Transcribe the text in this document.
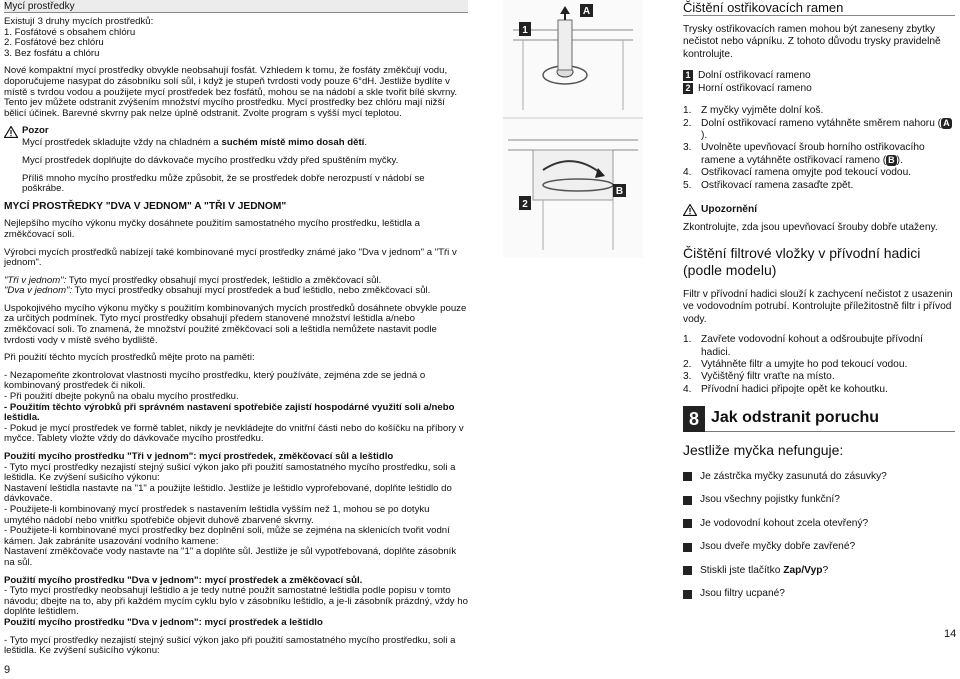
Mycí prostředky
Existují 3 druhy mycích prostředků:
1. Fosfátové s obsahem chlóru
2. Fosfátové bez chlóru
3. Bez fosfátu a chlóru

Nové kompaktní mycí prostředky obvykle neobsahují fosfát. Vzhledem k tomu, že fosfáty změkčují vodu, doporučujeme nasypat do zásobníku solí sůl, i když je stupeň tvrdosti vody pouze 6°dH. Jestliže bydlíte v místě s tvrdou vodou a použijete mycí prostředek bez fosfátů, mohou se na nádobí a skle tvořit bílé skvrny. Tento jev můžete odstranit zvýšením množství mycího prostředku. Mycí prostředky bez chlóru mají nižší bělicí účinek. Barevné skvrny pak nelze úplně odstranit. Zvolte program s vyšší mycí teplotou.

Pozor

Mycí prostředek skladujte vždy na chladném a suchém místě mimo dosah dětí.

Mycí prostředek doplňujte do dávkovače mycího prostředku vždy před spuštěním myčky.

Příliš mnoho mycího prostředku může způsobit, že se prostředek dobře nerozpustí v nádobí se poškrábe.

MYCÍ PROSTŘEDKY "DVA V JEDNOM" A "TŘI V JEDNOM"

Nejlepšího mycího výkonu myčky dosáhnete použitím samostatného mycího prostředku, leštidla a změkčovací soli.

Výrobci mycích prostředků nabízejí také kombinované mycí prostředky známé jako "Dva v jednom" a "Tři v jednom".

"Tři v jednom": Tyto mycí prostředky obsahují mycí prostředek, leštidlo a změkčovací sůl.
"Dva v jednom": Tyto mycí prostředky obsahují mycí prostředek a buď leštidlo, nebo změkčovací sůl.

Uspokojivého mycího výkonu myčky s použitím kombinovaných mycích prostředků dosáhnete obvykle pouze za určitých podmínek. Tyto mycí prostředky obsahují předem stanovené množství leštidla a/nebo změkčovací soli. To znamená, že množství použité změkčovací soli a leštidla nemůžete nastavit podle tvrdosti vody v místě svého bydliště.

Při použití těchto mycích prostředků mějte proto na paměti:

- Nezapomeňte zkontrolovat vlastnosti mycího prostředku, který používáte, zejména zde se jedná o kombinovaný prostředek či nikoli.
- Při použití dbejte pokynů na obalu mycího prostředku.
- Použitím těchto výrobků při správném nastavení spotřebiče zajistí hospodárné využití soli a/nebo leštidla.
- Pokud je mycí prostředek ve formě tablet, nikdy je nevkládejte do vnitřní části nebo do košíčku na příbory v myčce. Tablety vložte vždy do dávkovače mycího prostředku.
Použití mycího prostředku "Tři v jednom": mycí prostředek, změkčovací sůl a leštidlo
- Tyto mycí prostředky nezajistí stejný sušicí výkon jako při použití samostatného mycího prostředku, soli a leštidla. Ke zvýšení sušicího výkonu:
Nastavení leštidla nastavte na "1" a použijte leštidlo. Jestliže je leštidlo vyprořebované, doplňte leštidlo do dávkovače.
- Použijete-li kombinovaný mycí prostředek s nastavením leštidla vyšším než 1, mohou se po dotyku umytého nádobí nebo vnitřku spotřebiče objevit duhově zbarvené skvrny.
- Použijete-li kombinované mycí prostředky bez doplnění soli, může se zejména na sklenicích tvořit vodní kámen. Jak zabráníte usazování vodního kamene:
Nastavení změkčovače vody nastavte na "1" a doplňte sůl. Jestliže je sůl vypotřebovaná, doplňte zásobník na sůl.
Použití mycího prostředku "Dva v jednom": mycí prostředek a změkčovací sůl.
- Tyto mycí prostředky neobsahují leštidlo a je tedy nutné použít samostatné leštidla podle popisu v tomto návodu; dbejte na to, aby při každém mycím cyklu bylo v zásobníku leštidlo, a je-li zásobník prázdný, vždy ho doplňte leštidlem.
Použití mycího prostředku "Dva v jednom": mycí prostředek a leštidlo
- Tyto mycí prostředky nezajistí stejný sušicí výkon jako při použití samostatného mycího prostředku, soli a leštidla. Ke zvýšení sušicího výkonu:
9
1
A
2
B
Čištění ostřikovacích ramen

Trysky ostřikovacích ramen mohou být zaneseny zbytky nečistot nebo vápníku. Z tohoto důvodu trysky pravidelně kontrolujte.

1 Dolní ostřikovací rameno
2 Horní ostřikovací rameno
1. Z myčky vyjměte dolní koš.
2. Dolní ostřikovací rameno vytáhněte směrem nahoru ( A).
3. Uvolněte upevňovací šroub horního ostřikovacího ramene a vytáhněte ostřikovací rameno ( B ).
4. Ostřikovací ramena omyjte pod tekoucí vodou.
5. Ostřikovací ramena zasaďte zpět.
Upozornění

Zkontrolujte, zda jsou upevňovací šrouby dobře utaženy.

Čištění filtrové vložky v přívodní hadici (podle modelu)

Filtr v přívodní hadici slouží k zachycení nečistot z usazenin ve vodovodním potrubí. Kontrolujte příležitostně filtr i přívod vody.

1. Zavřete vodovodní kohout a odšroubujte přívodní hadici.
2. Vytáhněte filtr a umyjte ho pod tekoucí vodou.
3. Vyčištěný filtr vraťte na místo.
4. Přívodní hadici připojte opět ke kohoutku.
8 Jak odstranit poruchu
Jestliže myčka nefunguje:
Je zástrčka myčky zasunutá do zásuvky?
Jsou všechny pojistky funkční?
Je vodovodní kohout zcela otevřený?
Jsou dveře myčky dobře zavřené?
Stiskli jste tlačítko Zap/Vyp?
Jsou filtry ucpané?
14
